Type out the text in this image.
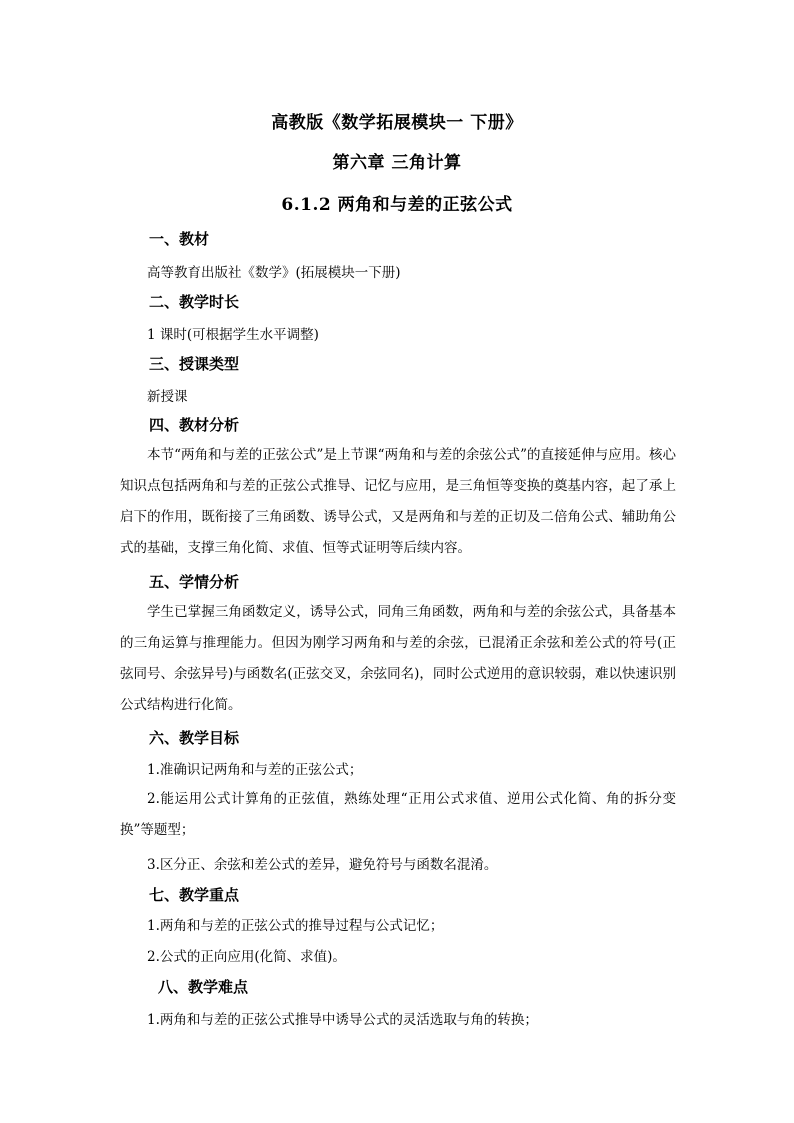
高教版《数学拓展模块一 下册》
第六章 三角计算
6.1.2 两角和与差的正弦公式
一、教材
高等教育出版社《数学》(拓展模块一下册)
二、教学时长
1 课时(可根据学生水平调整)
三、授课类型
新授课
四、教材分析
本节“两角和与差的正弦公式”是上节课“两角和与差的余弦公式”的直接延伸与应用。核心知识点包括两角和与差的正弦公式推导、记忆与应用，是三角恒等变换的奠基内容，起了承上启下的作用，既衔接了三角函数、诱导公式，又是两角和与差的正切及二倍角公式、辅助角公式的基础，支撑三角化简、求值、恒等式证明等后续内容。
五、学情分析
学生已掌握三角函数定义，诱导公式，同角三角函数，两角和与差的余弦公式，具备基本的三角运算与推理能力。但因为刚学习两角和与差的余弦，已混淆正余弦和差公式的符号(正弦同号、余弦异号)与函数名(正弦交叉，余弦同名)，同时公式逆用的意识较弱，难以快速识别公式结构进行化简。
六、教学目标
1.准确识记两角和与差的正弦公式；
2.能运用公式计算角的正弦值，熟练处理“正用公式求值、逆用公式化简、角的拆分变换”等题型；
3.区分正、余弦和差公式的差异，避免符号与函数名混淆。
七、教学重点
1.两角和与差的正弦公式的推导过程与公式记忆；
2.公式的正向应用(化简、求值)。
八、教学难点
1.两角和与差的正弦公式推导中诱导公式的灵活选取与角的转换；
